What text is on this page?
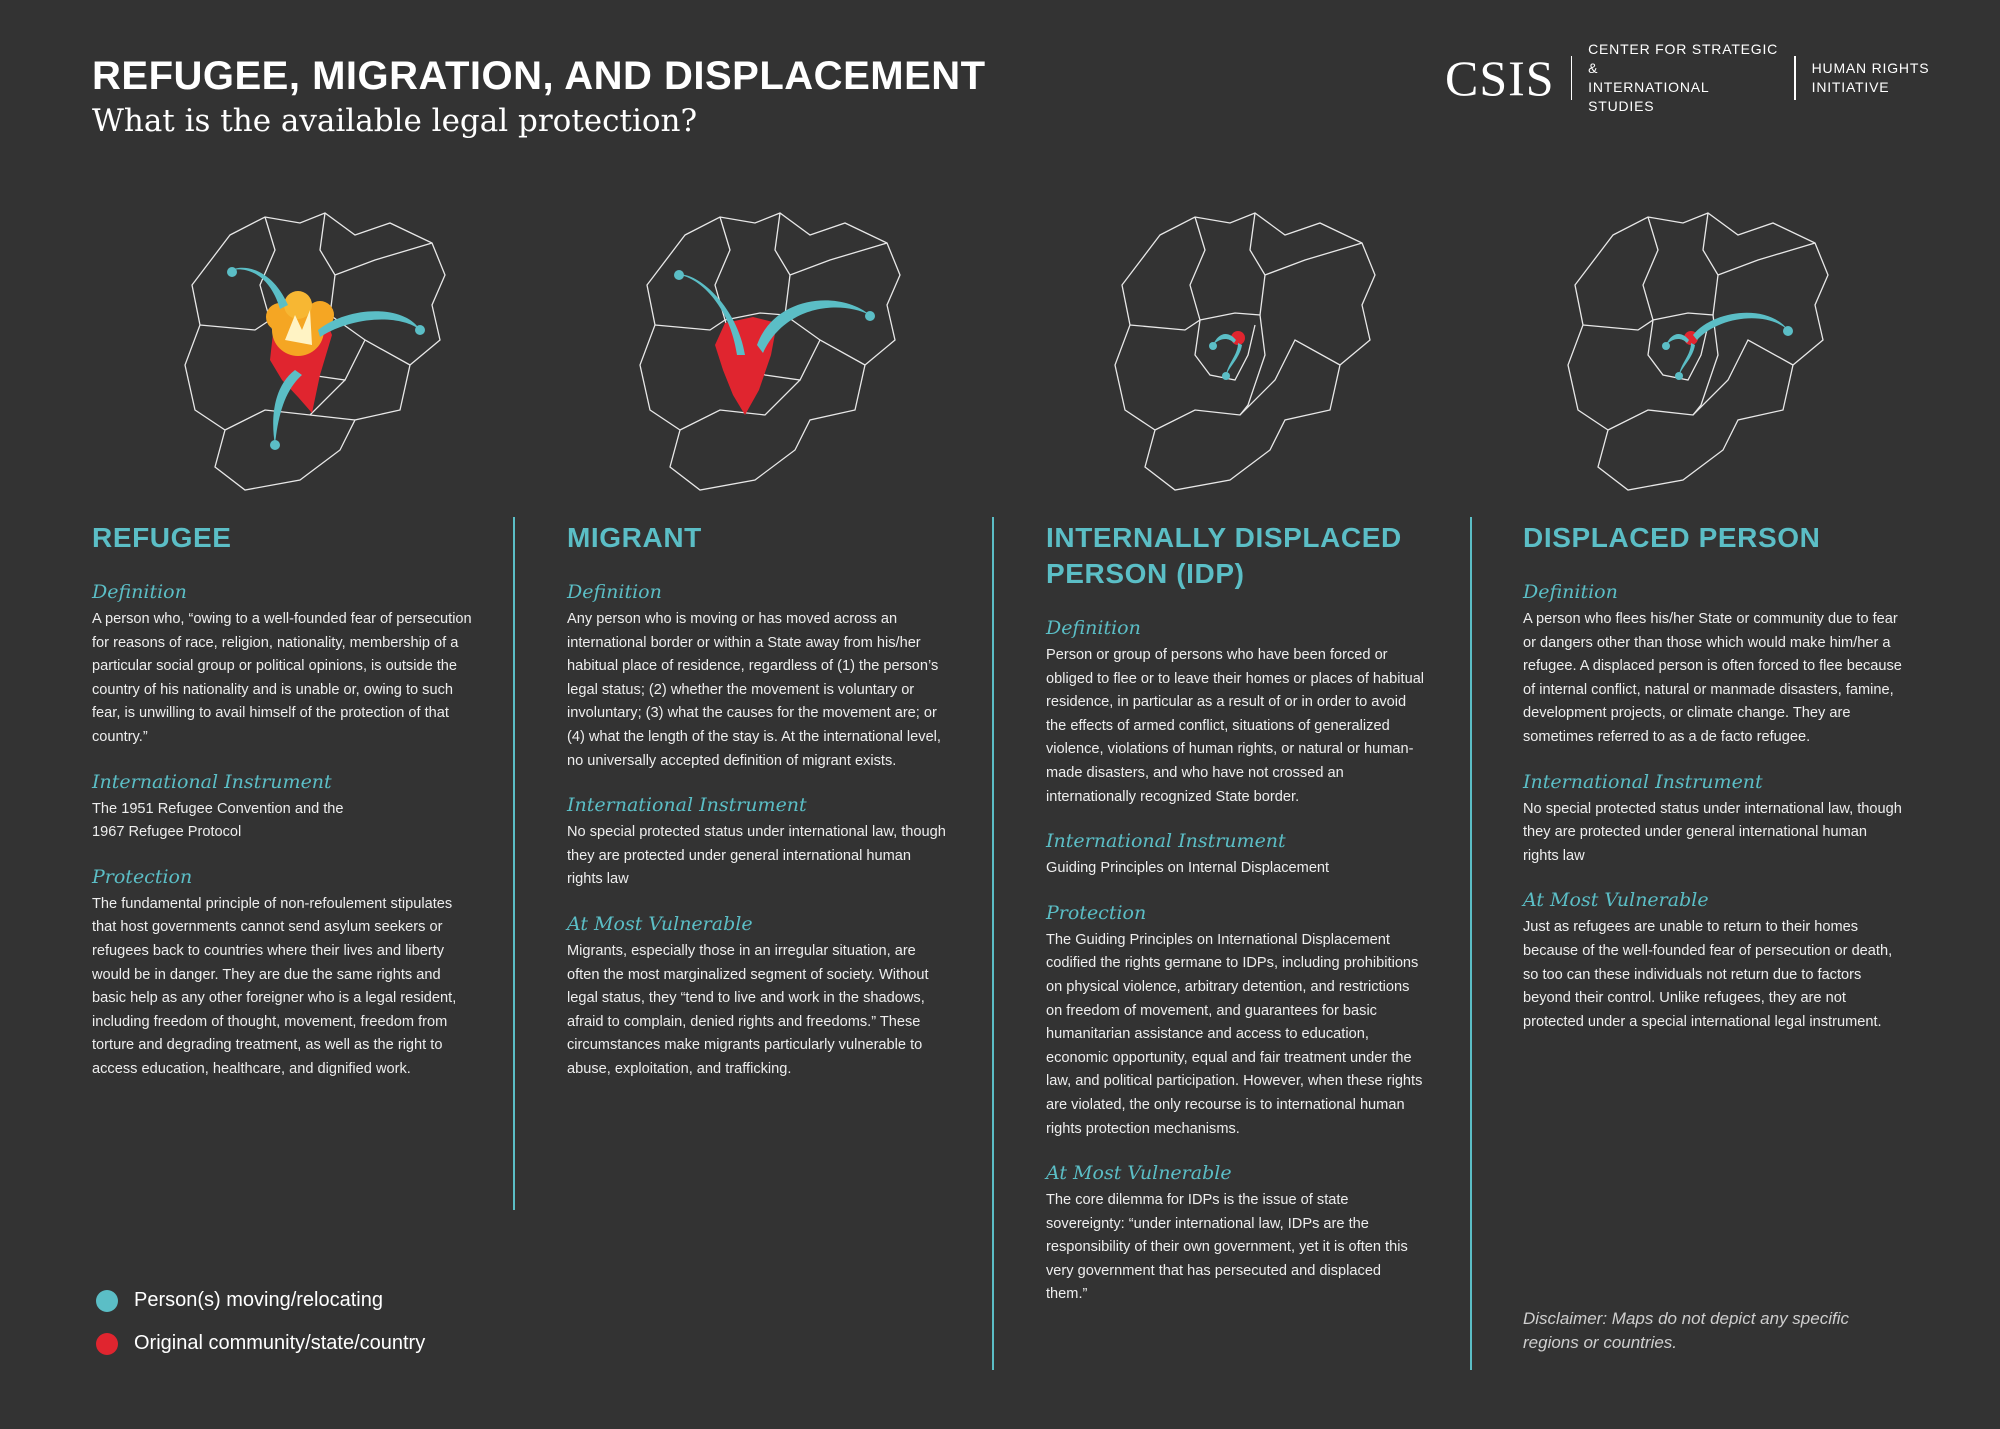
REFUGEE, MIGRATION, AND DISPLACEMENT
What is the available legal protection?
CSIS
CENTER FOR STRATEGIC &
INTERNATIONAL STUDIES
HUMAN RIGHTS
INITIATIVE
REFUGEE
Definition

A person who, “owing to a well-founded fear of persecution for reasons of race, religion, nationality, membership of a particular social group or political opinions, is outside the country of his nationality and is unable or, owing to such fear, is unwilling to avail himself of the protection of that country.”

International Instrument

The 1951 Refugee Convention and the 1967 Refugee Protocol

Protection

The fundamental principle of non-refoulement stipulates that host governments cannot send asylum seekers or refugees back to countries where their lives and liberty would be in danger. They are due the same rights and basic help as any other foreigner who is a legal resident, including freedom of thought, movement, freedom from torture and degrading treatment, as well as the right to access education, healthcare, and dignified work.

MIGRANT
Definition

Any person who is moving or has moved across an international border or within a State away from his/her habitual place of residence, regardless of (1) the person’s legal status; (2) whether the movement is voluntary or involuntary; (3) what the causes for the movement are; or (4) what the length of the stay is. At the international level, no universally accepted definition of migrant exists.

International Instrument

No special protected status under international law, though they are protected under general international human rights law

At Most Vulnerable

Migrants, especially those in an irregular situation, are often the most marginalized segment of society. Without legal status, they “tend to live and work in the shadows, afraid to complain, denied rights and freedoms.” These circumstances make migrants particularly vulnerable to abuse, exploitation, and trafficking.

INTERNALLY DISPLACED PERSON (IDP)
Definition

Person or group of persons who have been forced or obliged to flee or to leave their homes or places of habitual residence, in particular as a result of or in order to avoid the effects of armed conflict, situations of generalized violence, violations of human rights, or natural or human-made disasters, and who have not crossed an internationally recognized State border.

International Instrument

Guiding Principles on Internal Displacement

Protection

The Guiding Principles on International Displacement codified the rights germane to IDPs, including prohibitions on physical violence, arbitrary detention, and restrictions on freedom of movement, and guarantees for basic humanitarian assistance and access to education, economic opportunity, equal and fair treatment under the law, and political participation. However, when these rights are violated, the only recourse is to international human rights protection mechanisms.

At Most Vulnerable

The core dilemma for IDPs is the issue of state sovereignty: “under international law, IDPs are the responsibility of their own government, yet it is often this very government that has persecuted and displaced them.”

DISPLACED PERSON
Definition

A person who flees his/her State or community due to fear or dangers other than those which would make him/her a refugee. A displaced person is often forced to flee because of internal conflict, natural or manmade disasters, famine, development projects, or climate change. They are sometimes referred to as a de facto refugee.

International Instrument

No special protected status under international law, though they are protected under general international human rights law

At Most Vulnerable

Just as refugees are unable to return to their homes because of the well-founded fear of persecution or death, so too can these individuals not return due to factors beyond their control. Unlike refugees, they are not protected under a special international legal instrument.

Person(s) moving/relocating
Original community/state/country

Disclaimer: Maps do not depict any specific regions or countries.
